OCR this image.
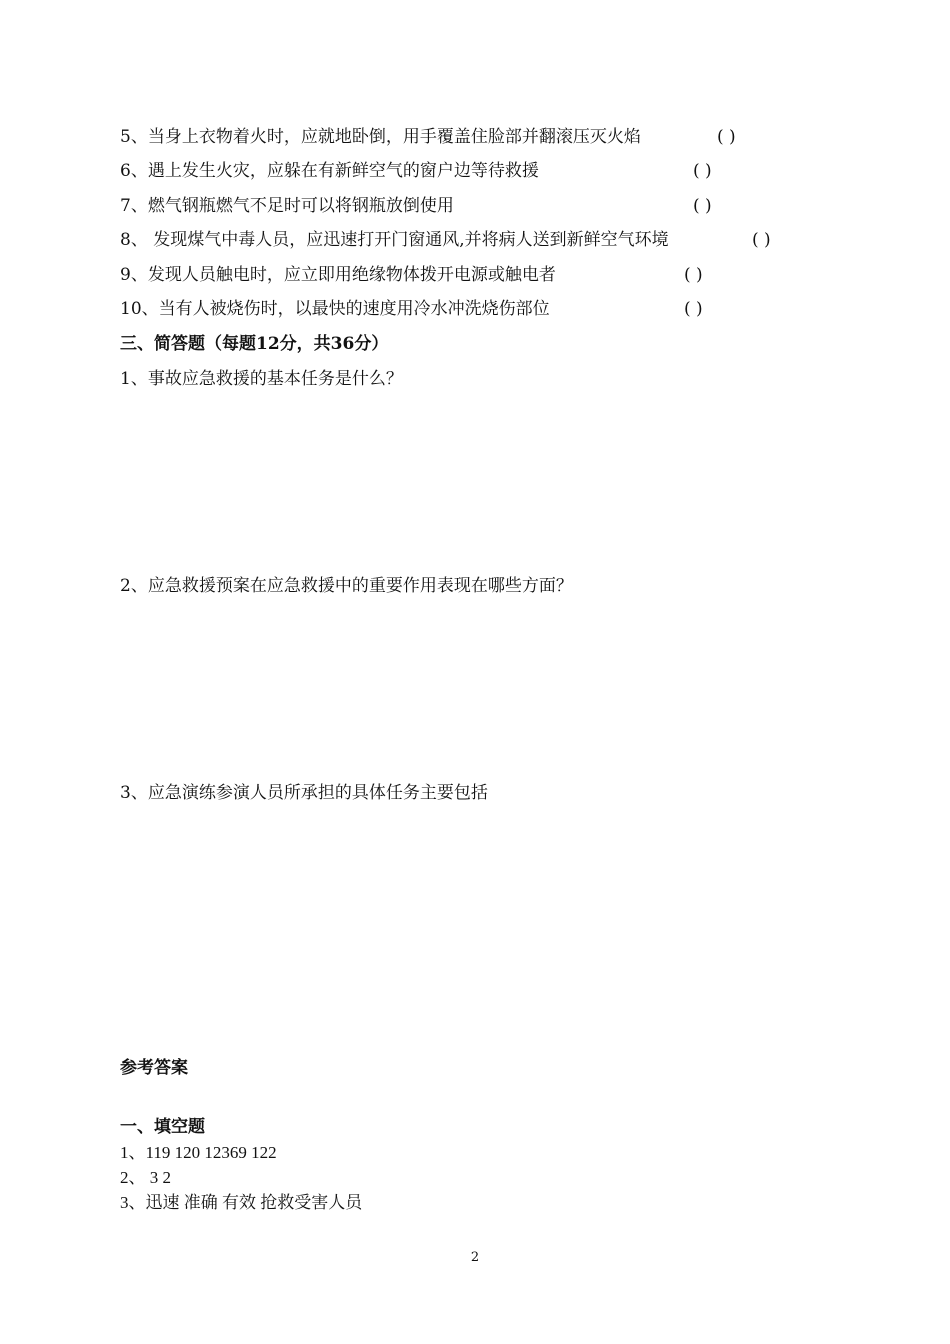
5、当身上衣物着火时，应就地卧倒，用手覆盖住脸部并翻滚压灭火焰	( )
6、遇上发生火灾，应躲在有新鲜空气的窗户边等待救援	( )
7、燃气钢瓶燃气不足时可以将钢瓶放倒使用	( )
8、 发现煤气中毒人员，应迅速打开门窗通风,并将病人送到新鲜空气环境	( )
9、发现人员触电时，应立即用绝缘物体拨开电源或触电者	( )
10、当有人被烧伤时，以最快的速度用冷水冲洗烧伤部位	( )
三、简答题（每题12分，共36分）
1、事故应急救援的基本任务是什么？
2、应急救援预案在应急救援中的重要作用表现在哪些方面？
3、应急演练参演人员所承担的具体任务主要包括
参考答案
一、填空题
1、119 120 12369 122
2、 3 2
3、迅速 准确 有效 抢救受害人员
2
